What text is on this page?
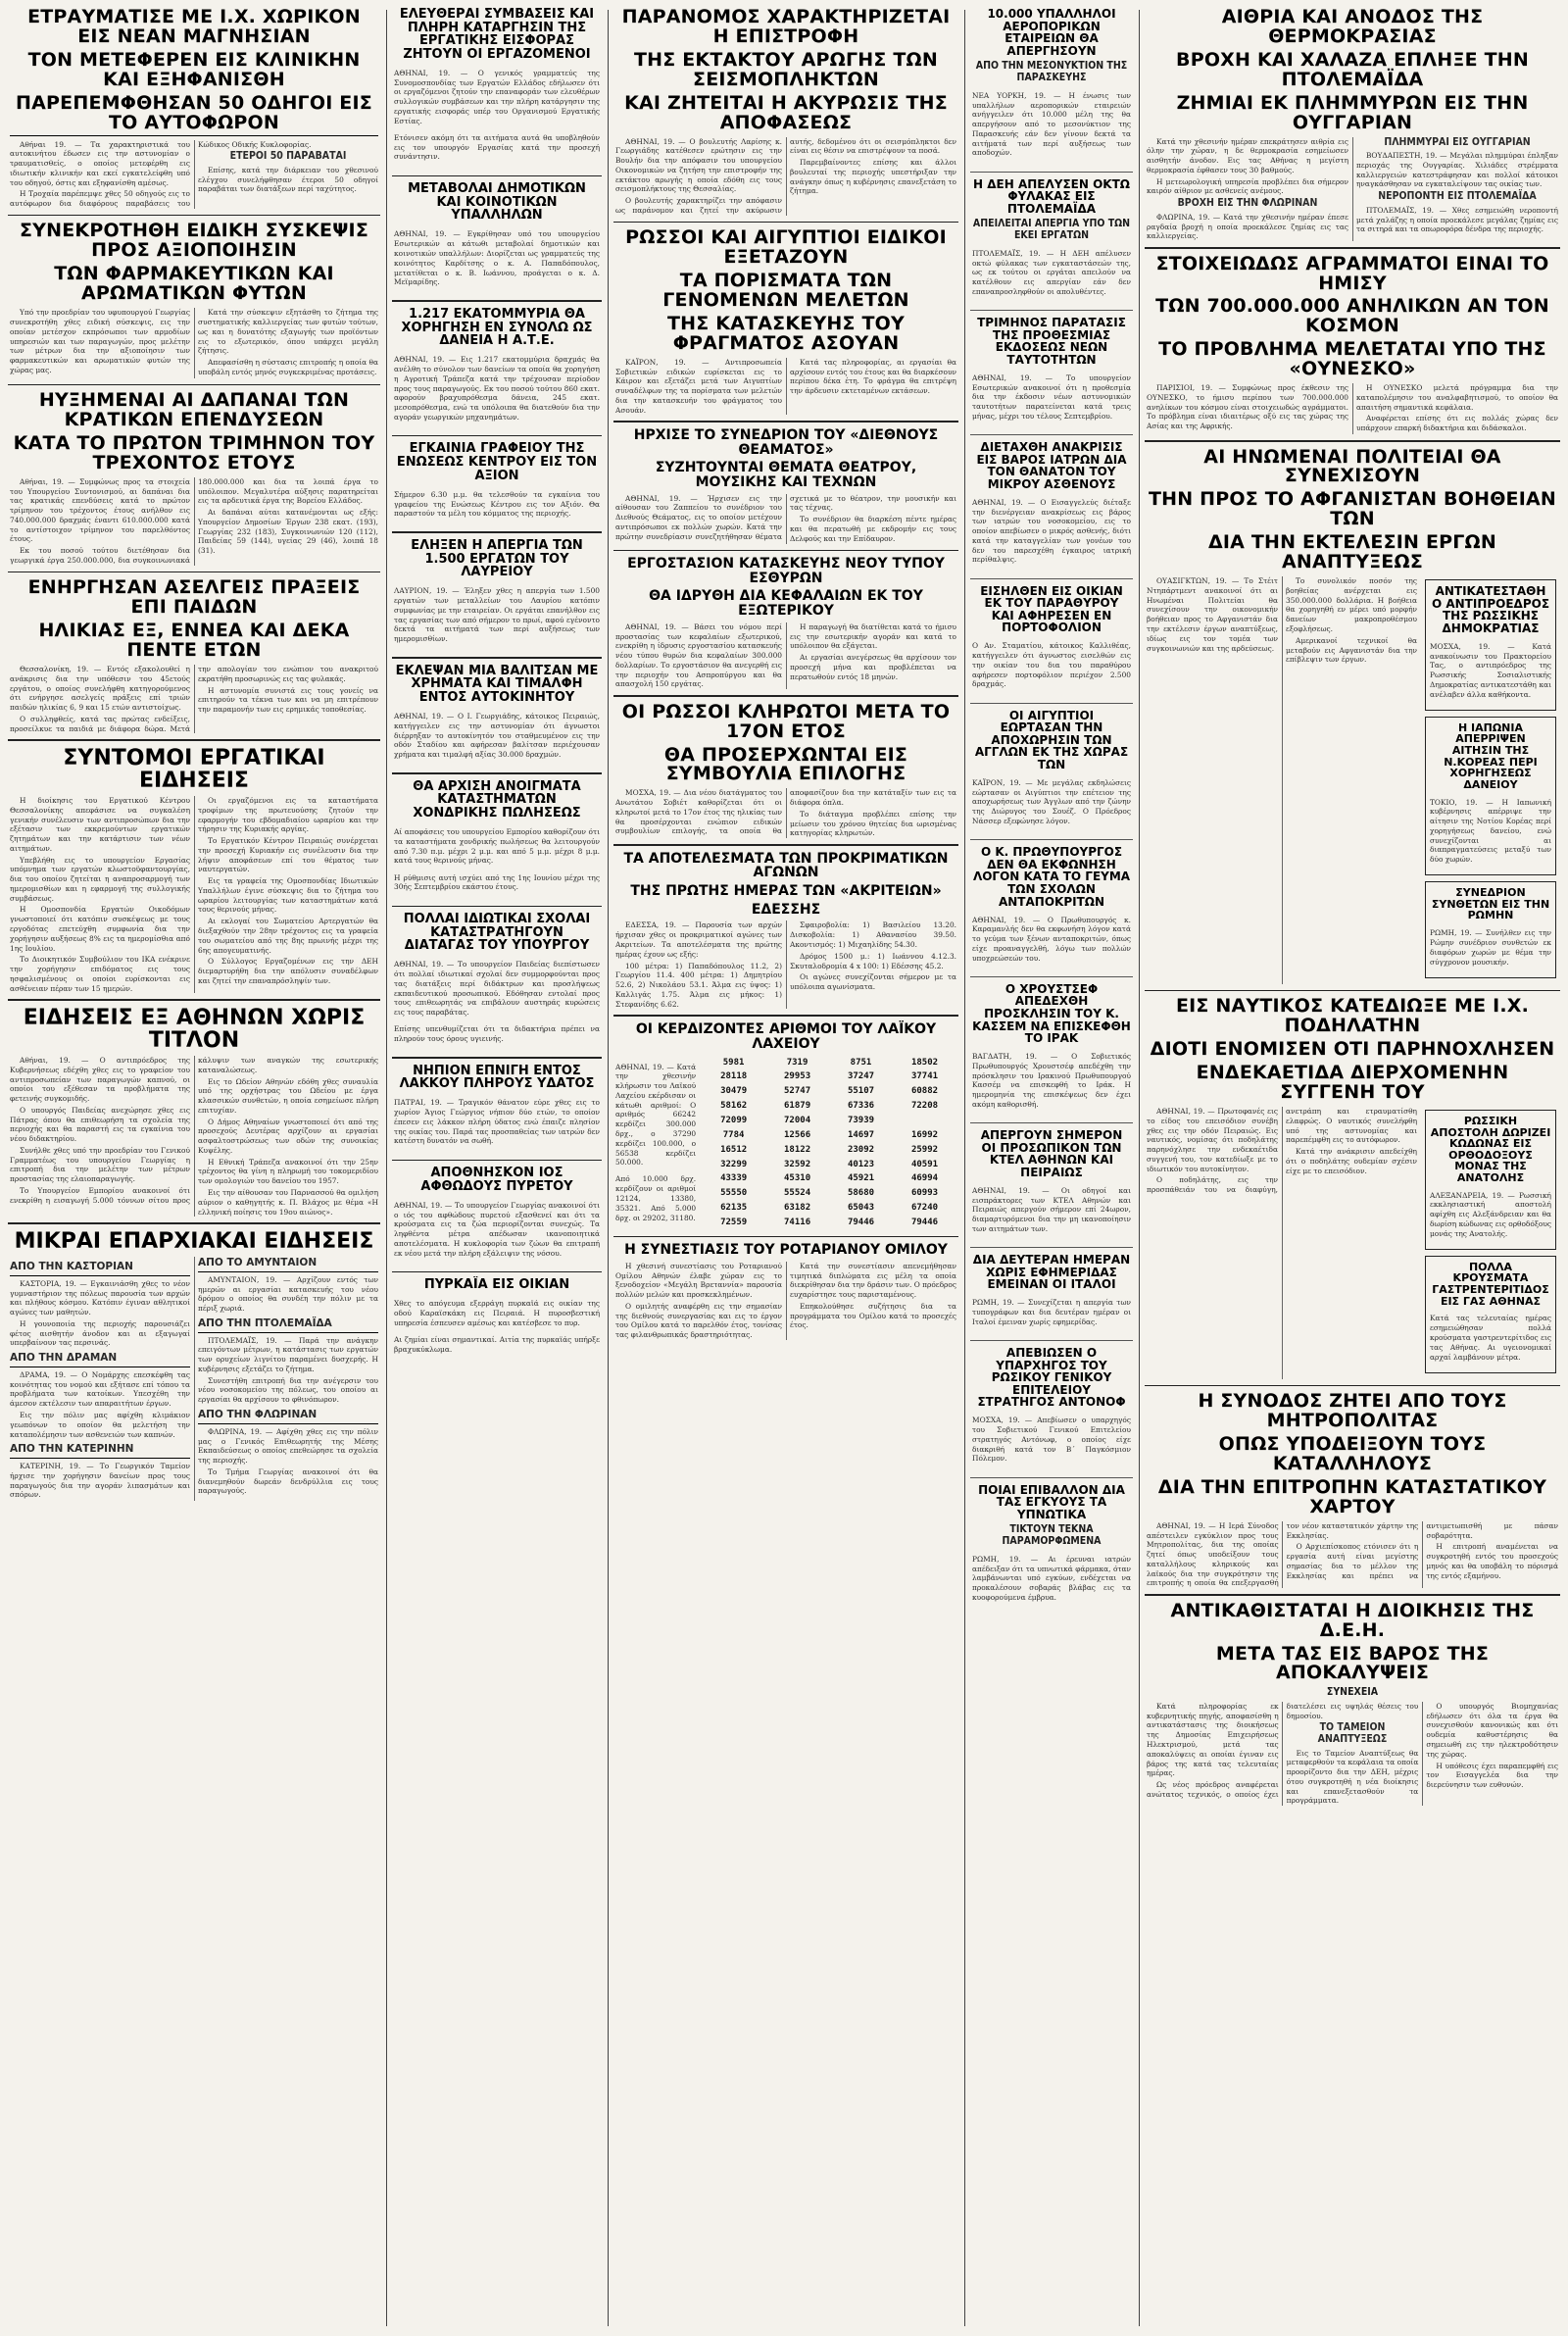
ΕΤΡΑΥΜΑΤΙΣΕ ΜΕ Ι.Χ. ΧΩΡΙΚΟΝ ΕΙΣ ΝΕΑΝ ΜΑΓΝΗΣΙΑΝ
ΤΟΝ ΜΕΤΕΦΕΡΕΝ ΕΙΣ ΚΛΙΝΙΚΗΝ ΚΑΙ ΕΞΗΦΑΝΙΣΘΗ
ΠΑΡΕΠΕΜΦΘΗΣΑΝ 50 ΟΔΗΓΟΙ ΕΙΣ ΤΟ ΑΥΤΟΦΩΡΟΝ

Αθήναι 19. — Τα χαρακτηριστικά του αυτοκινήτου έδωσεν εις την αστυνομίαν ο τραυματισθείς, ο οποίος μετεφέρθη εις ιδιωτικήν κλινικήν και εκεί εγκατελείφθη υπό του οδηγού, όστις και εξηφανίσθη αμέσως.

Η Τροχαία παρέπεμψε χθες 50 οδηγούς εις το αυτόφωρον δια διαφόρους παραβάσεις του Κώδικος Οδικής Κυκλοφορίας.

ΕΤΕΡΟΙ 50 ΠΑΡΑΒΑΤΑΙ

Επίσης, κατά την διάρκειαν του χθεσινού ελέγχου συνελήφθησαν έτεροι 50 οδηγοί παραβάται των διατάξεων περί ταχύτητος.

ΣΥΝΕΚΡΟΤΗΘΗ ΕΙΔΙΚΗ ΣΥΣΚΕΨΙΣ ΠΡΟΣ ΑΞΙΟΠΟΙΗΣΙΝ
ΤΩΝ ΦΑΡΜΑΚΕΥΤΙΚΩΝ ΚΑΙ ΑΡΩΜΑΤΙΚΩΝ ΦΥΤΩΝ

Υπό την προεδρίαν του υφυπουργού Γεωργίας συνεκροτήθη χθες ειδική σύσκεψις, εις την οποίαν μετέσχον εκπρόσωποι των αρμοδίων υπηρεσιών και των παραγωγών, προς μελέτην των μέτρων δια την αξιοποίησιν των φαρμακευτικών και αρωματικών φυτών της χώρας μας.

Κατά την σύσκεψιν εξητάσθη το ζήτημα της συστηματικής καλλιεργείας των φυτών τούτων, ως και η δυνατότης εξαγωγής των προϊόντων εις το εξωτερικόν, όπου υπάρχει μεγάλη ζήτησις.

Απεφασίσθη η σύστασις επιτροπής η οποία θα υποβάλη εντός μηνός συγκεκριμένας προτάσεις.

ΗΥΞΗΜΕΝΑΙ ΑΙ ΔΑΠΑΝΑΙ ΤΩΝ ΚΡΑΤΙΚΩΝ ΕΠΕΝΔΥΣΕΩΝ
ΚΑΤΑ ΤΟ ΠΡΩΤΟΝ ΤΡΙΜΗΝΟΝ ΤΟΥ ΤΡΕΧΟΝΤΟΣ ΕΤΟΥΣ

Αθήναι, 19. — Συμφώνως προς τα στοιχεία του Υπουργείου Συντονισμού, αι δαπάναι δια τας κρατικάς επενδύσεις κατά το πρώτον τρίμηνον του τρέχοντος έτους ανήλθον εις 740.000.000 δραχμάς έναντι 610.000.000 κατά το αντίστοιχον τρίμηνον του παρελθόντος έτους.

Εκ του ποσού τούτου διετέθησαν δια γεωργικά έργα 250.000.000, δια συγκοινωνιακά 180.000.000 και δια τα λοιπά έργα το υπόλοιπον. Μεγαλυτέρα αύξησις παρατηρείται εις τα αρδευτικά έργα της Βορείου Ελλάδος.

Αι δαπάναι αύται κατανέμονται ως εξής: Υπουργείον Δημοσίων Έργων 238 εκατ. (193), Γεωργίας 232 (183), Συγκοινωνιών 120 (112), Παιδείας 59 (144), υγείας 29 (46), λοιπά 18 (31).

ΕΝΗΡΓΗΣΑΝ ΑΣΕΛΓΕΙΣ ΠΡΑΞΕΙΣ ΕΠΙ ΠΑΙΔΩΝ
ΗΛΙΚΙΑΣ ΕΞ, ΕΝΝΕΑ ΚΑΙ ΔΕΚΑ ΠΕΝΤΕ ΕΤΩΝ

Θεσσαλονίκη, 19. — Εντός εξακολουθεί η ανάκρισις δια την υπόθεσιν του 45ετούς εργάτου, ο οποίος συνελήφθη κατηγορούμενος ότι ενήργησε ασελγείς πράξεις επί τριών παιδών ηλικίας 6, 9 και 15 ετών αντιστοίχως.

Ο συλληφθείς, κατά τας πρώτας ενδείξεις, προσείλκυε τα παιδιά με διάφορα δώρα. Μετά την απολογίαν του ενώπιον του ανακριτού εκρατήθη προσωρινώς εις τας φυλακάς.

Η αστυνομία συνιστά εις τους γονείς να επιτηρούν τα τέκνα των και να μη επιτρέπουν την παραμονήν των εις ερημικάς τοποθεσίας.

ΣΥΝΤΟΜΟΙ ΕΡΓΑΤΙΚΑΙ ΕΙΔΗΣΕΙΣ

Η διοίκησις του Εργατικού Κέντρου Θεσσαλονίκης απεφάσισε να συγκαλέση γενικήν συνέλευσιν των αντιπροσώπων δια την εξέτασιν των εκκρεμούντων εργατικών ζητημάτων και την κατάρτισιν των νέων αιτημάτων.

Υπεβλήθη εις το υπουργείον Εργασίας υπόμνημα των εργατών κλωστοϋφαντουργίας, δια του οποίου ζητείται η αναπροσαρμογή των ημερομισθίων και η εφαρμογή της συλλογικής συμβάσεως.

Η Ομοσπονδία Εργατών Οικοδόμων γνωστοποιεί ότι κατόπιν συσκέψεως με τους εργοδότας επετεύχθη συμφωνία δια την χορήγησιν αυξήσεως 8% εις τα ημερομίσθια από 1ης Ιουλίου.

Το Διοικητικόν Συμβούλιον του ΙΚΑ ενέκρινε την χορήγησιν επιδόματος εις τους ησφαλισμένους οι οποίοι ευρίσκονται εις ασθένειαν πέραν των 15 ημερών.

Οι εργαζόμενοι εις τα καταστήματα τροφίμων της πρωτευούσης ζητούν την εφαρμογήν του εβδομαδιαίου ωραρίου και την τήρησιν της Κυριακής αργίας.

Το Εργατικόν Κέντρον Πειραιώς συνέρχεται την προσεχή Κυριακήν εις συνέλευσιν δια την λήψιν αποφάσεων επί του θέματος των ναυτεργατών.

Εις τα γραφεία της Ομοσπονδίας Ιδιωτικών Υπαλλήλων έγινε σύσκεψις δια το ζήτημα του ωραρίου λειτουργίας των καταστημάτων κατά τους θερινούς μήνας.

Αι εκλογαί του Σωματείου Αρτεργατών θα διεξαχθούν την 28ην τρέχοντος εις τα γραφεία του σωματείου από της 8ης πρωινής μέχρι της 6ης απογευματινής.

Ο Σύλλογος Εργαζομένων εις την ΔΕΗ διεμαρτυρήθη δια την απόλυσιν συναδέλφων και ζητεί την επαναπρόσληψίν των.

ΕΙΔΗΣΕΙΣ ΕΞ ΑΘΗΝΩΝ ΧΩΡΙΣ ΤΙΤΛΟΝ

Αθήναι, 19. — Ο αντιπρόεδρος της Κυβερνήσεως εδέχθη χθες εις το γραφείον του αντιπροσωπείαν των παραγωγών καπνού, οι οποίοι του εξέθεσαν τα προβλήματα της φετεινής συγκομιδής.

Ο υπουργός Παιδείας ανεχώρησε χθες εις Πάτρας όπου θα επιθεωρήση τα σχολεία της περιοχής και θα παραστή εις τα εγκαίνια του νέου διδακτηρίου.

Συνήλθε χθες υπό την προεδρίαν του Γενικού Γραμματέως του υπουργείου Γεωργίας η επιτροπή δια την μελέτην των μέτρων προστασίας της ελαιοπαραγωγής.

Το Υπουργείον Εμπορίου ανακοινοί ότι ενεκρίθη η εισαγωγή 5.000 τόννων σίτου προς κάλυψιν των αναγκών της εσωτερικής καταναλώσεως.

Εις το Ωδείον Αθηνών εδόθη χθες συναυλία υπό της ορχήστρας του Ωδείου με έργα κλασσικών συνθετών, η οποία εσημείωσε πλήρη επιτυχίαν.

Ο Δήμος Αθηναίων γνωστοποιεί ότι από της προσεχούς Δευτέρας αρχίζουν αι εργασίαι ασφαλτοστρώσεως των οδών της συνοικίας Κυψέλης.

Η Εθνική Τράπεζα ανακοινοί ότι την 25ην τρέχοντος θα γίνη η πληρωμή του τοκομεριδίου των ομολογιών του δανείου του 1957.

Εις την αίθουσαν του Παρνασσού θα ομιλήση αύριον ο καθηγητής κ. Π. Βλάχος με θέμα «Η ελληνική ποίησις του 19ου αιώνος».

ΜΙΚΡΑΙ ΕΠΑΡΧΙΑΚΑΙ ΕΙΔΗΣΕΙΣ
ΑΠΟ ΤΗΝ ΚΑΣΤΟΡΙΑΝ

ΚΑΣΤΟΡΙΑ, 19. — Εγκαινιάσθη χθες το νέον γυμναστήριον της πόλεως παρουσία των αρχών και πλήθους κόσμου. Κατόπιν έγιναν αθλητικοί αγώνες των μαθητών.

Η γουνοποιία της περιοχής παρουσιάζει φέτος αισθητήν άνοδον και αι εξαγωγαί υπερβαίνουν τας περσινάς.

ΑΠΟ ΤΗΝ ΔΡΑΜΑΝ

ΔΡΑΜΑ, 19. — Ο Νομάρχης επεσκέφθη τας κοινότητας του νομού και εξήτασε επί τόπου τα προβλήματα των κατοίκων. Υπεσχέθη την άμεσον εκτέλεσιν των απαραιτήτων έργων.

Εις την πόλιν μας αφίχθη κλιμάκιον γεωπόνων το οποίον θα μελετήση την καταπολέμησιν των ασθενειών των καπνών.

ΑΠΟ ΤΗΝ ΚΑΤΕΡΙΝΗΝ

ΚΑΤΕΡΙΝΗ, 19. — Το Γεωργικόν Ταμείον ήρχισε την χορήγησιν δανείων προς τους παραγωγούς δια την αγοράν λιπασμάτων και σπόρων.

ΑΠΟ ΤΟ ΑΜΥΝΤΑΙΟΝ

ΑΜΥΝΤΑΙΟΝ, 19. — Αρχίζουν εντός των ημερών αι εργασίαι κατασκευής του νέου δρόμου ο οποίος θα συνδέη την πόλιν με τα πέριξ χωριά.

ΑΠΟ ΤΗΝ ΠΤΟΛΕΜΑΪΔΑ

ΠΤΟΛΕΜΑΪΣ, 19. — Παρά την ανάγκην επειγόντων μέτρων, η κατάστασις των εργατών των ορυχείων λιγνίτου παραμένει δυσχερής. Η κυβέρνησις εξετάζει το ζήτημα.

Συνεστήθη επιτροπή δια την ανέγερσιν του νέου νοσοκομείου της πόλεως, του οποίου αι εργασίαι θα αρχίσουν το φθινόπωρον.

ΑΠΟ ΤΗΝ ΦΛΩΡΙΝΑΝ

ΦΛΩΡΙΝΑ, 19. — Αφίχθη χθες εις την πόλιν μας ο Γενικός Επιθεωρητής της Μέσης Εκπαιδεύσεως ο οποίος επεθεώρησε τα σχολεία της περιοχής.

Το Τμήμα Γεωργίας ανακοινοί ότι θα διανεμηθούν δωρεάν δενδρύλλια εις τους παραγωγούς.

ΕΛΕΥΘΕΡΑΙ ΣΥΜΒΑΣΕΙΣ ΚΑΙ ΠΛΗΡΗ ΚΑΤΑΡΓΗΣΙΝ ΤΗΣ ΕΡΓΑΤΙΚΗΣ ΕΙΣΦΟΡΑΣ ΖΗΤΟΥΝ ΟΙ ΕΡΓΑΖΟΜΕΝΟΙ

ΑΘΗΝΑΙ, 19. — Ο γενικός γραμματεύς της Συνομοσπονδίας των Εργατών Ελλάδος εδήλωσεν ότι οι εργαζόμενοι ζητούν την επαναφοράν των ελευθέρων συλλογικών συμβάσεων και την πλήρη κατάργησιν της εργατικής εισφοράς υπέρ του Οργανισμού Εργατικής Εστίας.

Ετόνισεν ακόμη ότι τα αιτήματα αυτά θα υποβληθούν εις τον υπουργόν Εργασίας κατά την προσεχή συνάντησιν.

ΜΕΤΑΒΟΛΑΙ ΔΗΜΟΤΙΚΩΝ ΚΑΙ ΚΟΙΝΟΤΙΚΩΝ ΥΠΑΛΛΗΛΩΝ

ΑΘΗΝΑΙ, 19. — Εγκρίθησαν υπό του υπουργείου Εσωτερικών αι κάτωθι μεταβολαί δημοτικών και κοινοτικών υπαλλήλων: Διορίζεται ως γραμματεύς της κοινότητος Καρδίτσης ο κ. Α. Παπαδόπουλος, μετατίθεται ο κ. Β. Ιωάννου, προάγεται ο κ. Δ. Μεϊμαρίδης.

1.217 ΕΚΑΤΟΜΜΥΡΙΑ ΘΑ ΧΟΡΗΓΗΣΗ ΕΝ ΣΥΝΟΛΩ ΩΣ ΔΑΝΕΙΑ Η Α.Τ.Ε.

ΑΘΗΝΑΙ, 19. — Εις 1.217 εκατομμύρια δραχμάς θα ανέλθη το σύνολον των δανείων τα οποία θα χορηγήση η Αγροτική Τράπεζα κατά την τρέχουσαν περίοδον προς τους παραγωγούς. Εκ του ποσού τούτου 860 εκατ. αφορούν βραχυπρόθεσμα δάνεια, 245 εκατ. μεσοπρόθεσμα, ενώ τα υπόλοιπα θα διατεθούν δια την αγοράν γεωργικών μηχανημάτων.

ΕΓΚΑΙΝΙΑ ΓΡΑΦΕΙΟΥ ΤΗΣ ΕΝΩΣΕΩΣ ΚΕΝΤΡΟΥ ΕΙΣ ΤΟΝ ΑΞΙΟΝ

Σήμερον 6.30 μ.μ. θα τελεσθούν τα εγκαίνια του γραφείου της Ενώσεως Κέντρου εις τον Αξιόν. Θα παραστούν τα μέλη του κόμματος της περιοχής.

ΕΛΗΞΕΝ Η ΑΠΕΡΓΙΑ ΤΩΝ 1.500 ΕΡΓΑΤΩΝ ΤΟΥ ΛΑΥΡΕΙΟΥ

ΛΑΥΡΙΟΝ, 19. — Έληξεν χθες η απεργία των 1.500 εργατών των μεταλλείων του Λαυρίου κατόπιν συμφωνίας με την εταιρείαν. Οι εργάται επανήλθον εις τας εργασίας των από σήμερον το πρωί, αφού εγένοντο δεκτά τα αιτήματά των περί αυξήσεως των ημερομισθίων.

ΕΚΛΕΨΑΝ ΜΙΑ ΒΑΛΙΤΣΑΝ ΜΕ ΧΡΗΜΑΤΑ ΚΑΙ ΤΙΜΑΛΦΗ ΕΝΤΟΣ ΑΥΤΟΚΙΝΗΤΟΥ

ΑΘΗΝΑΙ, 19. — Ο Ι. Γεωργιάδης, κάτοικος Πειραιώς, κατήγγειλεν εις την αστυνομίαν ότι άγνωστοι διέρρηξαν το αυτοκίνητόν του σταθμευμένον εις την οδόν Σταδίου και αφήρεσαν βαλίτσαν περιέχουσαν χρήματα και τιμαλφή αξίας 30.000 δραχμών.

ΘΑ ΑΡΧΙΣΗ ΑΝΟΙΓΜΑΤΑ ΚΑΤΑΣΤΗΜΑΤΩΝ ΧΟΝΔΡΙΚΗΣ ΠΩΛΗΣΕΩΣ

Αί αποφάσεις του υπουργείου Εμπορίου καθορίζουν ότι τα καταστήματα χονδρικής πωλήσεως θα λειτουργούν από 7.30 π.μ. μέχρι 2 μ.μ. και από 5 μ.μ. μέχρι 8 μ.μ. κατά τους θερινούς μήνας.

Η ρύθμισις αυτή ισχύει από της 1ης Ιουνίου μέχρι της 30ής Σεπτεμβρίου εκάστου έτους.

ΠΟΛΛΑΙ ΙΔΙΩΤΙΚΑΙ ΣΧΟΛΑΙ ΚΑΤΑΣΤΡΑΤΗΓΟΥΝ ΔΙΑΤΑΓΑΣ ΤΟΥ ΥΠΟΥΡΓΟΥ

ΑΘΗΝΑΙ, 19. — Το υπουργείον Παιδείας διεπίστωσεν ότι πολλαί ιδιωτικαί σχολαί δεν συμμορφούνται προς τας διατάξεις περί διδάκτρων και προσλήψεως εκπαιδευτικού προσωπικού. Εδόθησαν εντολαί προς τους επιθεωρητάς να επιβάλουν αυστηράς κυρώσεις εις τους παραβάτας.

Επίσης υπενθυμίζεται ότι τα διδακτήρια πρέπει να πληρούν τους όρους υγιεινής.

ΝΗΠΙΟΝ ΕΠΝΙΓΗ ΕΝΤΟΣ ΛΑΚΚΟΥ ΠΛΗΡΟΥΣ ΥΔΑΤΟΣ

ΠΑΤΡΑΙ, 19. — Τραγικόν θάνατον εύρε χθες εις το χωρίον Άγιος Γεώργιος νήπιον δύο ετών, το οποίον έπεσεν εις λάκκον πλήρη ύδατος ενώ έπαιζε πλησίον της οικίας του. Παρά τας προσπαθείας των ιατρών δεν κατέστη δυνατόν να σωθή.

ΑΠΟΘΝΗΣΚΟΝ ΙΟΣ ΑΦΘΩΔΟΥΣ ΠΥΡΕΤΟΥ

ΑΘΗΝΑΙ, 19. — Το υπουργείον Γεωργίας ανακοινοί ότι ο ιός του αφθώδους πυρετού εξασθενεί και ότι τα κρούσματα εις τα ζώα περιορίζονται συνεχώς. Τα ληφθέντα μέτρα απέδωσαν ικανοποιητικά αποτελέσματα. Η κυκλοφορία των ζώων θα επιτραπή εκ νέου μετά την πλήρη εξάλειψιν της νόσου.

ΠΥΡΚΑΪΑ ΕΙΣ ΟΙΚΙΑΝ

Χθες το απόγευμα εξερράγη πυρκαϊά εις οικίαν της οδού Καραϊσκάκη εις Πειραιά. Η πυροσβεστική υπηρεσία έσπευσεν αμέσως και κατέσβεσε το πυρ.

Αι ζημίαι είναι σημαντικαί. Αιτία της πυρκαϊάς υπήρξε βραχυκύκλωμα.

ΠΑΡΑΝΟΜΟΣ ΧΑΡΑΚΤΗΡΙΖΕΤΑΙ Η ΕΠΙΣΤΡΟΦΗ
ΤΗΣ ΕΚΤΑΚΤΟΥ ΑΡΩΓΗΣ ΤΩΝ ΣΕΙΣΜΟΠΛΗΚΤΩΝ
ΚΑΙ ΖΗΤΕΙΤΑΙ Η ΑΚΥΡΩΣΙΣ ΤΗΣ ΑΠΟΦΑΣΕΩΣ

ΑΘΗΝΑΙ, 19. — Ο βουλευτής Λαρίσης κ. Γεωργιάδης κατέθεσεν ερώτησιν εις την Βουλήν δια την απόφασιν του υπουργείου Οικονομικών να ζητήση την επιστροφήν της εκτάκτου αρωγής η οποία εδόθη εις τους σεισμοπλήκτους της Θεσσαλίας.

Ο βουλευτής χαρακτηρίζει την απόφασιν ως παράνομον και ζητεί την ακύρωσιν αυτής, δεδομένου ότι οι σεισμόπληκτοι δεν είναι εις θέσιν να επιστρέψουν τα ποσά.

Παρεμβαίνοντες επίσης και άλλοι βουλευταί της περιοχής υπεστήριξαν την ανάγκην όπως η κυβέρνησις επανεξετάση το ζήτημα.

ΡΩΣΣΟΙ ΚΑΙ ΑΙΓΥΠΤΙΟΙ ΕΙΔΙΚΟΙ ΕΞΕΤΑΖΟΥΝ
ΤΑ ΠΟΡΙΣΜΑΤΑ ΤΩΝ ΓΕΝΟΜΕΝΩΝ ΜΕΛΕΤΩΝ
ΤΗΣ ΚΑΤΑΣΚΕΥΗΣ ΤΟΥ ΦΡΑΓΜΑΤΟΣ ΑΣΟΥΑΝ

ΚΑΪΡΟΝ, 19. — Αντιπροσωπεία Σοβιετικών ειδικών ευρίσκεται εις το Κάιρον και εξετάζει μετά των Αιγυπτίων συναδέλφων της τα πορίσματα των μελετών δια την κατασκευήν του φράγματος του Ασουάν.

Κατά τας πληροφορίας, αι εργασίαι θα αρχίσουν εντός του έτους και θα διαρκέσουν περίπου δέκα έτη. Το φράγμα θα επιτρέψη την άρδευσιν εκτεταμένων εκτάσεων.

ΗΡΧΙΣΕ ΤΟ ΣΥΝΕΔΡΙΟΝ ΤΟΥ «ΔΙΕΘΝΟΥΣ ΘΕΑΜΑΤΟΣ»
ΣΥΖΗΤΟΥΝΤΑΙ ΘΕΜΑΤΑ ΘΕΑΤΡΟΥ, ΜΟΥΣΙΚΗΣ ΚΑΙ ΤΕΧΝΩΝ

ΑΘΗΝΑΙ, 19. — Ήρχισεν εις την αίθουσαν του Ζαππείου το συνέδριον του Διεθνούς Θεάματος, εις το οποίον μετέχουν αντιπρόσωποι εκ πολλών χωρών. Κατά την πρώτην συνεδρίασιν συνεζητήθησαν θέματα σχετικά με το θέατρον, την μουσικήν και τας τέχνας.

Το συνέδριον θα διαρκέση πέντε ημέρας και θα περατωθή με εκδρομήν εις τους Δελφούς και την Επίδαυρον.

ΕΡΓΟΣΤΑΣΙΟΝ ΚΑΤΑΣΚΕΥΗΣ ΝΕΟΥ ΤΥΠΟΥ ΕΣΘΥΡΩΝ
ΘΑ ΙΔΡΥΘΗ ΔΙΑ ΚΕΦΑΛΑΙΩΝ ΕΚ ΤΟΥ ΕΞΩΤΕΡΙΚΟΥ

ΑΘΗΝΑΙ, 19. — Βάσει του νόμου περί προστασίας των κεφαλαίων εξωτερικού, ενεκρίθη η ίδρυσις εργοστασίου κατασκευής νέου τύπου θυρών δια κεφαλαίων 300.000 δολλαρίων. Το εργοστάσιον θα ανεγερθή εις την περιοχήν του Ασπροπύργου και θα απασχολή 150 εργάτας.

Η παραγωγή θα διατίθεται κατά το ήμισυ εις την εσωτερικήν αγοράν και κατά το υπόλοιπον θα εξάγεται.

Αι εργασίαι ανεγέρσεως θα αρχίσουν τον προσεχή μήνα και προβλέπεται να περατωθούν εντός 18 μηνών.

ΟΙ ΡΩΣΣΟΙ ΚΛΗΡΩΤΟΙ ΜΕΤΑ ΤΟ 17ΟΝ ΕΤΟΣ
ΘΑ ΠΡΟΣΕΡΧΩΝΤΑΙ ΕΙΣ ΣΥΜΒΟΥΛΙΑ ΕΠΙΛΟΓΗΣ

ΜΟΣΧΑ, 19. — Δια νέου διατάγματος του Ανωτάτου Σοβιέτ καθορίζεται ότι οι κληρωτοί μετά το 17ον έτος της ηλικίας των θα προσέρχονται ενώπιον ειδικών συμβουλίων επιλογής, τα οποία θα αποφασίζουν δια την κατάταξίν των εις τα διάφορα όπλα.

Το διάταγμα προβλέπει επίσης την μείωσιν του χρόνου θητείας δια ωρισμένας κατηγορίας κληρωτών.

ΤΑ ΑΠΟΤΕΛΕΣΜΑΤΑ ΤΩΝ ΠΡΟΚΡΙΜΑΤΙΚΩΝ ΑΓΩΝΩΝ
ΤΗΣ ΠΡΩΤΗΣ ΗΜΕΡΑΣ ΤΩΝ «ΑΚΡΙΤΕΙΩΝ»
ΕΔΕΣΣΗΣ

ΕΔΕΣΣΑ, 19. — Παρουσία των αρχών ήρχισαν χθες οι προκριματικοί αγώνες των Ακριτείων. Τα αποτελέσματα της πρώτης ημέρας έχουν ως εξής:

100 μέτρα: 1) Παπαδόπουλος 11.2, 2) Γεωργίου 11.4. 400 μέτρα: 1) Δημητρίου 52.6, 2) Νικολάου 53.1. Άλμα εις ύψος: 1) Καλλιγάς 1.75. Άλμα εις μήκος: 1) Στεφανίδης 6.62.

Σφαιροβολία: 1) Βασιλείου 13.20. Δισκοβολία: 1) Αθανασίου 39.50. Ακοντισμός: 1) Μιχαηλίδης 54.30.

Δρόμος 1500 μ.: 1) Ιωάννου 4.12.3. Σκυταλοδρομία 4 x 100: 1) Εδέσσης 45.2.

Οι αγώνες συνεχίζονται σήμερον με τα υπόλοιπα αγωνίσματα.

ΟΙ ΚΕΡΔΙΖΟΝΤΕΣ ΑΡΙΘΜΟΙ ΤΟΥ ΛΑΪΚΟΥ ΛΑΧΕΙΟΥ

ΑΘΗΝΑΙ, 19. — Κατά την χθεσινήν κλήρωσιν του Λαϊκού Λαχείου εκέρδισαν οι κάτωθι αριθμοί: Ο αριθμός 66242 κερδίζει 300.000 δρχ., ο 37290 κερδίζει 100.000, ο 56538 κερδίζει 50.000.

Από 10.000 δρχ. κερδίζουν οι αριθμοί 12124, 13380, 35321. Από 5.000 δρχ. οι 29202, 31180.

5981	7319	8751	18502
28118	29953	37247	37741
30479	52747	55107	60882
58162	61879	67336	72208
72099	72004	73939	
7784	12566	14697	16992
16512	18122	23092	25992
32299	32592	40123	40591
43339	45310	45921	46994
55550	55524	58680	60993
62135	63182	65043	67240
72559	74116	79446	79446
Η ΣΥΝΕΣΤΙΑΣΙΣ ΤΟΥ ΡΟΤΑΡΙΑΝΟΥ ΟΜΙΛΟΥ

Η χθεσινή συνεστίασις του Ροταριανού Ομίλου Αθηνών έλαβε χώραν εις το ξενοδοχείον «Μεγάλη Βρεταννία» παρουσία πολλών μελών και προσκεκλημένων.

Ο ομιλητής αναφέρθη εις την σημασίαν της διεθνούς συνεργασίας και εις το έργον του Ομίλου κατά το παρελθόν έτος, τονίσας τας φιλανθρωπικάς δραστηριότητας.

Κατά την συνεστίασιν απενεμήθησαν τιμητικά διπλώματα εις μέλη τα οποία διεκρίθησαν δια την δράσιν των. Ο πρόεδρος ευχαρίστησε τους παρισταμένους.

Επηκολούθησε συζήτησις δια τα προγράμματα του Ομίλου κατά το προσεχές έτος.

10.000 ΥΠΑΛΛΗΛΟΙ ΑΕΡΟΠΟΡΙΚΩΝ ΕΤΑΙΡΕΙΩΝ ΘΑ ΑΠΕΡΓΗΣΟΥΝ
ΑΠΟ ΤΗΝ ΜΕΣΟΝΥΚΤΙΟΝ ΤΗΣ ΠΑΡΑΣΚΕΥΗΣ

ΝΕΑ ΥΟΡΚΗ, 19. — Η ένωσις των υπαλλήλων αεροπορικών εταιρειών ανήγγειλεν ότι 10.000 μέλη της θα απεργήσουν από το μεσονύκτιον της Παρασκευής εάν δεν γίνουν δεκτά τα αιτήματά των περί αυξήσεως των αποδοχών.

Η ΔΕΗ ΑΠΕΛΥΣΕΝ ΟΚΤΩ ΦΥΛΑΚΑΣ ΕΙΣ ΠΤΟΛΕΜΑΪΔΑ
ΑΠΕΙΛΕΙΤΑΙ ΑΠΕΡΓΙΑ ΥΠΟ ΤΩΝ ΕΚΕΙ ΕΡΓΑΤΩΝ

ΠΤΟΛΕΜΑΪΣ, 19. — Η ΔΕΗ απέλυσεν οκτώ φύλακας των εγκαταστάσεών της, ως εκ τούτου οι εργάται απειλούν να κατέλθουν εις απεργίαν εάν δεν επαναπροσληφθούν οι απολυθέντες.

ΤΡΙΜΗΝΟΣ ΠΑΡΑΤΑΣΙΣ ΤΗΣ ΠΡΟΘΕΣΜΙΑΣ ΕΚΔΟΣΕΩΣ ΝΕΩΝ ΤΑΥΤΟΤΗΤΩΝ

ΑΘΗΝΑΙ, 19. — Το υπουργείον Εσωτερικών ανακοινοί ότι η προθεσμία δια την έκδοσιν νέων αστυνομικών ταυτοτήτων παρατείνεται κατά τρεις μήνας, μέχρι του τέλους Σεπτεμβρίου.

ΔΙΕΤΑΧΘΗ ΑΝΑΚΡΙΣΙΣ ΕΙΣ ΒΑΡΟΣ ΙΑΤΡΩΝ ΔΙΑ ΤΟΝ ΘΑΝΑΤΟΝ ΤΟΥ ΜΙΚΡΟΥ ΑΣΘΕΝΟΥΣ

ΑΘΗΝΑΙ, 19. — Ο Εισαγγελεύς διέταξε την διενέργειαν ανακρίσεως εις βάρος των ιατρών του νοσοκομείου, εις το οποίον απεβίωσεν ο μικρός ασθενής, διότι κατά την καταγγελίαν των γονέων του δεν του παρεσχέθη έγκαιρος ιατρική περίθαλψις.

ΕΙΣΗΛΘΕΝ ΕΙΣ ΟΙΚΙΑΝ ΕΚ ΤΟΥ ΠΑΡΑΘΥΡΟΥ ΚΑΙ ΑΦΗΡΕΣΕΝ ΕΝ ΠΟΡΤΟΦΟΛΙΟΝ

Ο Αν. Σταματίου, κάτοικος Καλλιθέας, κατήγγειλεν ότι άγνωστος εισελθών εις την οικίαν του δια του παραθύρου αφήρεσεν πορτοφόλιον περιέχον 2.500 δραχμάς.

ΟΙ ΑΙΓΥΠΤΙΟΙ ΕΩΡΤΑΣΑΝ ΤΗΝ ΑΠΟΧΩΡΗΣΙΝ ΤΩΝ ΑΓΓΛΩΝ ΕΚ ΤΗΣ ΧΩΡΑΣ ΤΩΝ

ΚΑΪΡΟΝ, 19. — Με μεγάλας εκδηλώσεις εώρτασαν οι Αιγύπτιοι την επέτειον της αποχωρήσεως των Άγγλων από την ζώνην της Διώρυγος του Σουέζ. Ο Πρόεδρος Νάσσερ εξεφώνησε λόγον.

Ο Κ. ΠΡΩΘΥΠΟΥΡΓΟΣ ΔΕΝ ΘΑ ΕΚΦΩΝΗΣΗ ΛΟΓΟΝ ΚΑΤΑ ΤΟ ΓΕΥΜΑ ΤΩΝ ΣΧΟΛΩΝ ΑΝΤΑΠΟΚΡΙΤΩΝ

ΑΘΗΝΑΙ, 19. — Ο Πρωθυπουργός κ. Καραμανλής δεν θα εκφωνήση λόγον κατά το γεύμα των ξένων ανταποκριτών, όπως είχε προαναγγελθή, λόγω των πολλών υποχρεώσεών του.

Ο ΧΡΟΥΣΤΣΕΦ ΑΠΕΔΕΧΘΗ ΠΡΟΣΚΛΗΣΙΝ ΤΟΥ Κ. ΚΑΣΣΕΜ ΝΑ ΕΠΙΣΚΕΦΘΗ ΤΟ ΙΡΑΚ

ΒΑΓΔΑΤΗ, 19. — Ο Σοβιετικός Πρωθυπουργός Χρουστσέφ απεδέχθη την πρόσκλησιν του Ιρακινού Πρωθυπουργού Κασσέμ να επισκεφθή το Ιράκ. Η ημερομηνία της επισκέψεως δεν έχει ακόμη καθορισθή.

ΑΠΕΡΓΟΥΝ ΣΗΜΕΡΟΝ ΟΙ ΠΡΟΣΩΠΙΚΟΝ ΤΩΝ ΚΤΕΛ ΑΘΗΝΩΝ ΚΑΙ ΠΕΙΡΑΙΩΣ

ΑΘΗΝΑΙ, 19. — Οι οδηγοί και εισπράκτορες των ΚΤΕΛ Αθηνών και Πειραιώς απεργούν σήμερον επί 24ωρον, διαμαρτυρόμενοι δια την μη ικανοποίησιν των αιτημάτων των.

ΔΙΑ ΔΕΥΤΕΡΑΝ ΗΜΕΡΑΝ ΧΩΡΙΣ ΕΦΗΜΕΡΙΔΑΣ ΕΜΕΙΝΑΝ ΟΙ ΙΤΑΛΟΙ

ΡΩΜΗ, 19. — Συνεχίζεται η απεργία των τυπογράφων και δια δευτέραν ημέραν οι Ιταλοί έμειναν χωρίς εφημερίδας.

ΑΠΕΒΙΩΣΕΝ Ο ΥΠΑΡΧΗΓΟΣ ΤΟΥ ΡΩΣΙΚΟΥ ΓΕΝΙΚΟΥ ΕΠΙΤΕΛΕΙΟΥ ΣΤΡΑΤΗΓΟΣ ΑΝΤΟΝΟΦ

ΜΟΣΧΑ, 19. — Απεβίωσεν ο υπαρχηγός του Σοβιετικού Γενικού Επιτελείου στρατηγός Αντόνωφ, ο οποίος είχε διακριθή κατά τον Β΄ Παγκόσμιον Πόλεμον.

ΠΟΙΑΙ ΕΠΙΒΑΛΛΟΝ ΔΙΑ ΤΑΣ ΕΓΚΥΟΥΣ ΤΑ ΥΠΝΩΤΙΚΑ
ΤΙΚΤΟΥΝ ΤΕΚΝΑ ΠΑΡΑΜΟΡΦΩΜΕΝΑ

ΡΩΜΗ, 19. — Αι έρευναι ιατρών απέδειξαν ότι τα υπνωτικά φάρμακα, όταν λαμβάνωνται υπό εγκύων, ενδέχεται να προκαλέσουν σοβαράς βλάβας εις τα κυοφορούμενα έμβρυα.

ΑΙΘΡΙΑ ΚΑΙ ΑΝΟΔΟΣ ΤΗΣ ΘΕΡΜΟΚΡΑΣΙΑΣ
ΒΡΟΧΗ ΚΑΙ ΧΑΛΑΖΑ ΕΠΛΗΞΕ ΤΗΝ ΠΤΟΛΕΜΑΪΔΑ
ΖΗΜΙΑΙ ΕΚ ΠΛΗΜΜΥΡΩΝ ΕΙΣ ΤΗΝ ΟΥΓΓΑΡΙΑΝ

Κατά την χθεσινήν ημέραν επεκράτησεν αιθρία εις όλην την χώραν, η δε θερμοκρασία εσημείωσεν αισθητήν άνοδον. Εις τας Αθήνας η μεγίστη θερμοκρασία έφθασεν τους 30 βαθμούς.

Η μετεωρολογική υπηρεσία προβλέπει δια σήμερον καιρόν αίθριον με ασθενείς ανέμους.

ΒΡΟΧΗ ΕΙΣ ΤΗΝ ΦΛΩΡΙΝΑΝ

ΦΛΩΡΙΝΑ, 19. — Κατά την χθεσινήν ημέραν έπεσε ραγδαία βροχή η οποία προεκάλεσε ζημίας εις τας καλλιεργείας.

ΠΛΗΜΜΥΡΑΙ ΕΙΣ ΟΥΓΓΑΡΙΑΝ

ΒΟΥΔΑΠΕΣΤΗ, 19. — Μεγάλαι πλημμύραι έπληξαν περιοχάς της Ουγγαρίας. Χιλιάδες στρέμματα καλλιεργειών κατεστράφησαν και πολλοί κάτοικοι ηναγκάσθησαν να εγκαταλείψουν τας οικίας των.

ΝΕΡΟΠΟΝΤΗ ΕΙΣ ΠΤΟΛΕΜΑΪΔΑ

ΠΤΟΛΕΜΑΪΣ, 19. — Χθες εσημειώθη νεροποντή μετά χαλάζης η οποία προεκάλεσε μεγάλας ζημίας εις τα σιτηρά και τα οπωροφόρα δένδρα της περιοχής.

ΣΤΟΙΧΕΙΩΔΩΣ ΑΓΡΑΜΜΑΤΟΙ ΕΙΝΑΙ ΤΟ ΗΜΙΣΥ
ΤΩΝ 700.000.000 ΑΝΗΛΙΚΩΝ ΑΝ ΤΟΝ ΚΟΣΜΟΝ
ΤΟ ΠΡΟΒΛΗΜΑ ΜΕΛΕΤΑΤΑΙ ΥΠΟ ΤΗΣ «ΟΥΝΕΣΚΟ»

ΠΑΡΙΣΙΟΙ, 19. — Συμφώνως προς έκθεσιν της ΟΥΝΕΣΚΟ, το ήμισυ περίπου των 700.000.000 ανηλίκων του κόσμου είναι στοιχειωδώς αγράμματοι. Το πρόβλημα είναι ιδιαιτέρως οξύ εις τας χώρας της Ασίας και της Αφρικής.

Η ΟΥΝΕΣΚΟ μελετά πρόγραμμα δια την καταπολέμησιν του αναλφαβητισμού, το οποίον θα απαιτήση σημαντικά κεφάλαια.

Αναφέρεται επίσης ότι εις πολλάς χώρας δεν υπάρχουν επαρκή διδακτήρια και διδάσκαλοι.

ΑΙ ΗΝΩΜΕΝΑΙ ΠΟΛΙΤΕΙΑΙ ΘΑ ΣΥΝΕΧΙΣΟΥΝ
ΤΗΝ ΠΡΟΣ ΤΟ ΑΦΓΑΝΙΣΤΑΝ ΒΟΗΘΕΙΑΝ ΤΩΝ
ΔΙΑ ΤΗΝ ΕΚΤΕΛΕΣΙΝ ΕΡΓΩΝ ΑΝΑΠΤΥΞΕΩΣ

ΟΥΑΣΙΓΚΤΩΝ, 19. — Το Στέιτ Ντηπάρτμεντ ανακοινοί ότι αι Ηνωμέναι Πολιτείαι θα συνεχίσουν την οικονομικήν βοήθειαν προς το Αφγανιστάν δια την εκτέλεσιν έργων αναπτύξεως, ιδίως εις τον τομέα των συγκοινωνιών και της αρδεύσεως.

Το συνολικόν ποσόν της βοηθείας ανέρχεται εις 350.000.000 δολλάρια. Η βοήθεια θα χορηγηθή εν μέρει υπό μορφήν δανείων μακροπροθέσμου εξοφλήσεως.

Αμερικανοί τεχνικοί θα μεταβούν εις Αφγανιστάν δια την επίβλεψιν των έργων.

ΑΝΤΙΚΑΤΕΣΤΑΘΗ Ο ΑΝΤΙΠΡΟΕΔΡΟΣ ΤΗΣ ΡΩΣΣΙΚΗΣ ΔΗΜΟΚΡΑΤΙΑΣ

ΜΟΣΧΑ, 19. — Κατά ανακοίνωσιν του Πρακτορείου Τας, ο αντιπρόεδρος της Ρωσσικής Σοσιαλιστικής Δημοκρατίας αντικατεστάθη και ανέλαβεν άλλα καθήκοντα.

Η ΙΑΠΩΝΙΑ ΑΠΕΡΡΙΨΕΝ ΑΙΤΗΣΙΝ ΤΗΣ Ν.ΚΟΡΕΑΣ ΠΕΡΙ ΧΟΡΗΓΗΣΕΩΣ ΔΑΝΕΙΟΥ

ΤΟΚΙΟ, 19. — Η Ιαπωνική κυβέρνησις απέρριψε την αίτησιν της Νοτίου Κορέας περί χορηγήσεως δανείου, ενώ συνεχίζονται αι διαπραγματεύσεις μεταξύ των δύο χωρών.

ΣΥΝΕΔΡΙΟΝ ΣΥΝΘΕΤΩΝ ΕΙΣ ΤΗΝ ΡΩΜΗΝ

ΡΩΜΗ, 19. — Συνήλθεν εις την Ρώμην συνέδριον συνθετών εκ διαφόρων χωρών με θέμα την σύγχρονον μουσικήν.

ΕΙΣ ΝΑΥΤΙΚΟΣ ΚΑΤΕΔΙΩΞΕ ΜΕ Ι.Χ. ΠΟΔΗΛΑΤΗΝ
ΔΙΟΤΙ ΕΝΟΜΙΣΕΝ ΟΤΙ ΠΑΡΗΝΟΧΛΗΣΕΝ
ΕΝΔΕΚΑΕΤΙΔΑ ΔΙΕΡΧΟΜΕΝΗΝ ΣΥΓΓΕΝΗ ΤΟΥ

ΑΘΗΝΑΙ, 19. — Πρωτοφανές εις το είδος του επεισόδιον συνέβη χθες εις την οδόν Πειραιώς. Εις ναυτικός, νομίσας ότι ποδηλάτης παρηνόχλησε την ενδεκαέτιδα συγγενή του, τον κατεδίωξε με το ιδιωτικόν του αυτοκίνητον.

Ο ποδηλάτης, εις την προσπάθειάν του να διαφύγη, ανετράπη και ετραυματίσθη ελαφρώς. Ο ναυτικός συνελήφθη υπό της αστυνομίας και παρεπέμφθη εις το αυτόφωρον.

Κατά την ανάκρισιν απεδείχθη ότι ο ποδηλάτης ουδεμίαν σχέσιν είχε με το επεισόδιον.

ΡΩΣΣΙΚΗ ΑΠΟΣΤΟΛΗ ΔΩΡΙΖΕΙ ΚΩΔΩΝΑΣ ΕΙΣ ΟΡΘΟΔΟΞΟΥΣ ΜΟΝΑΣ ΤΗΣ ΑΝΑΤΟΛΗΣ

ΑΛΕΞΑΝΔΡΕΙΑ, 19. — Ρωσσική εκκλησιαστική αποστολή αφίχθη εις Αλεξάνδρειαν και θα δωρίση κώδωνας εις ορθοδόξους μονάς της Ανατολής.

ΠΟΛΛΑ ΚΡΟΥΣΜΑΤΑ ΓΑΣΤΡΕΝΤΕΡΙΤΙΔΟΣ ΕΙΣ ΓΑΣ ΑΘΗΝΑΣ

Κατά τας τελευταίας ημέρας εσημειώθησαν πολλά κρούσματα γαστρεντερίτιδος εις τας Αθήνας. Αι υγειονομικαί αρχαί λαμβάνουν μέτρα.

Η ΣΥΝΟΔΟΣ ΖΗΤΕΙ ΑΠΟ ΤΟΥΣ ΜΗΤΡΟΠΟΛΙΤΑΣ
ΟΠΩΣ ΥΠΟΔΕΙΞΟΥΝ ΤΟΥΣ ΚΑΤΑΛΛΗΛΟΥΣ
ΔΙΑ ΤΗΝ ΕΠΙΤΡΟΠΗΝ ΚΑΤΑΣΤΑΤΙΚΟΥ ΧΑΡΤΟΥ

ΑΘΗΝΑΙ, 19. — Η Ιερά Σύνοδος απέστειλεν εγκύκλιον προς τους Μητροπολίτας, δια της οποίας ζητεί όπως υποδείξουν τους καταλλήλους κληρικούς και λαϊκούς δια την συγκρότησιν της επιτροπής η οποία θα επεξεργασθή τον νέον καταστατικόν χάρτην της Εκκλησίας.

Ο Αρχιεπίσκοπος ετόνισεν ότι η εργασία αυτή είναι μεγίστης σημασίας δια το μέλλον της Εκκλησίας και πρέπει να αντιμετωπισθή με πάσαν σοβαρότητα.

Η επιτροπή αναμένεται να συγκροτηθή εντός του προσεχούς μηνός και θα υποβάλη το πόρισμά της εντός εξαμήνου.

ΑΝΤΙΚΑΘΙΣΤΑΤΑΙ Η ΔΙΟΙΚΗΣΙΣ ΤΗΣ Δ.Ε.Η.
ΜΕΤΑ ΤΑΣ ΕΙΣ ΒΑΡΟΣ ΤΗΣ ΑΠΟΚΑΛΥΨΕΙΣ
ΣΥΝΕΧΕΙΑ

Κατά πληροφορίας εκ κυβερνητικής πηγής, αποφασίσθη η αντικατάστασις της διοικήσεως της Δημοσίας Επιχειρήσεως Ηλεκτρισμού, μετά τας αποκαλύψεις αι οποίαι έγιναν εις βάρος της κατά τας τελευταίας ημέρας.

Ως νέος πρόεδρος αναφέρεται ανώτατος τεχνικός, ο οποίος έχει διατελέσει εις υψηλάς θέσεις του δημοσίου.

ΤΟ ΤΑΜΕΙΟΝ ΑΝΑΠΤΥΞΕΩΣ

Εις το Ταμείον Αναπτύξεως θα μεταφερθούν τα κεφάλαια τα οποία προορίζοντο δια την ΔΕΗ, μέχρις ότου συγκροτηθή η νέα διοίκησις και επανεξετασθούν τα προγράμματα.

Ο υπουργός Βιομηχανίας εδήλωσεν ότι όλα τα έργα θα συνεχισθούν κανονικώς και ότι ουδεμία καθυστέρησις θα σημειωθή εις την ηλεκτροδότησιν της χώρας.

Η υπόθεσις έχει παραπεμφθή εις τον Εισαγγελέα δια την διερεύνησιν των ευθυνών.
